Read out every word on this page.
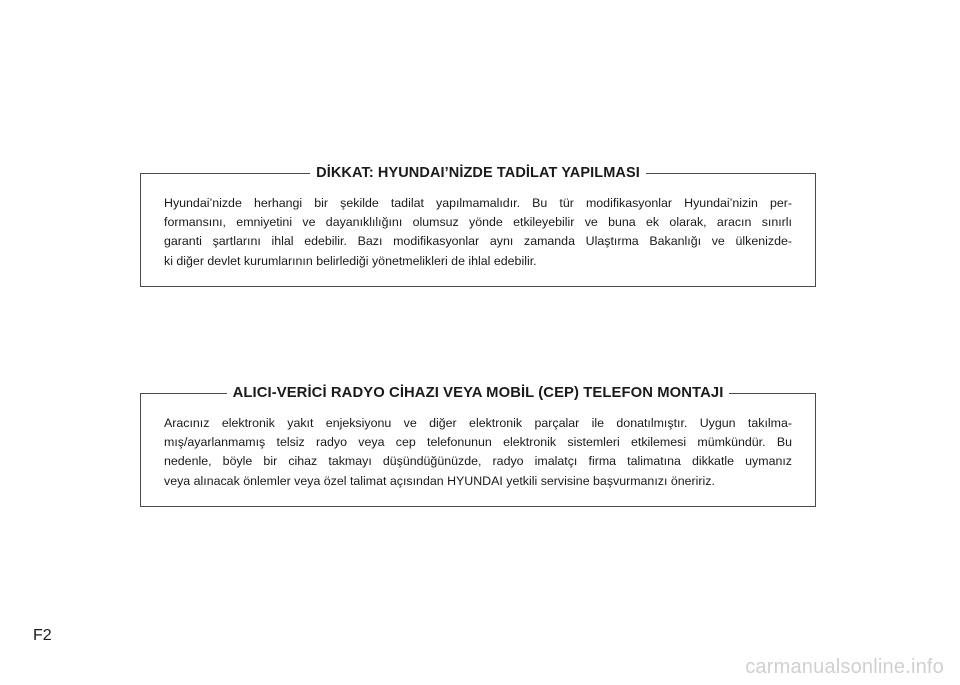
DİKKAT: HYUNDAI’NİZDE TADİLAT YAPILMASI

Hyundai’nizde herhangi bir şekilde tadilat yapılmamalıdır. Bu tür modifikasyonlar Hyundai’nizin per-
formansını, emniyetini ve dayanıklılığını olumsuz yönde etkileyebilir ve buna ek olarak, aracın sınırlı
garanti şartlarını ihlal edebilir. Bazı modifikasyonlar aynı zamanda Ulaştırma Bakanlığı ve ülkenizde-
ki diğer devlet kurumlarının belirlediği yönetmelikleri de ihlal edebilir.

ALICI-VERİCİ RADYO CİHAZI VEYA MOBİL (CEP) TELEFON MONTAJI

Aracınız elektronik yakıt enjeksiyonu ve diğer elektronik parçalar ile donatılmıştır. Uygun takılma-
mış/ayarlanmamış telsiz radyo veya cep telefonunun elektronik sistemleri etkilemesi mümkündür. Bu
nedenle, böyle bir cihaz takmayı düşündüğünüzde, radyo imalatçı firma talimatına dikkatle uymanız
veya alınacak önlemler veya özel talimat açısından HYUNDAI yetkili servisine başvurmanızı öneririz.

F2
carmanualsonline.info
